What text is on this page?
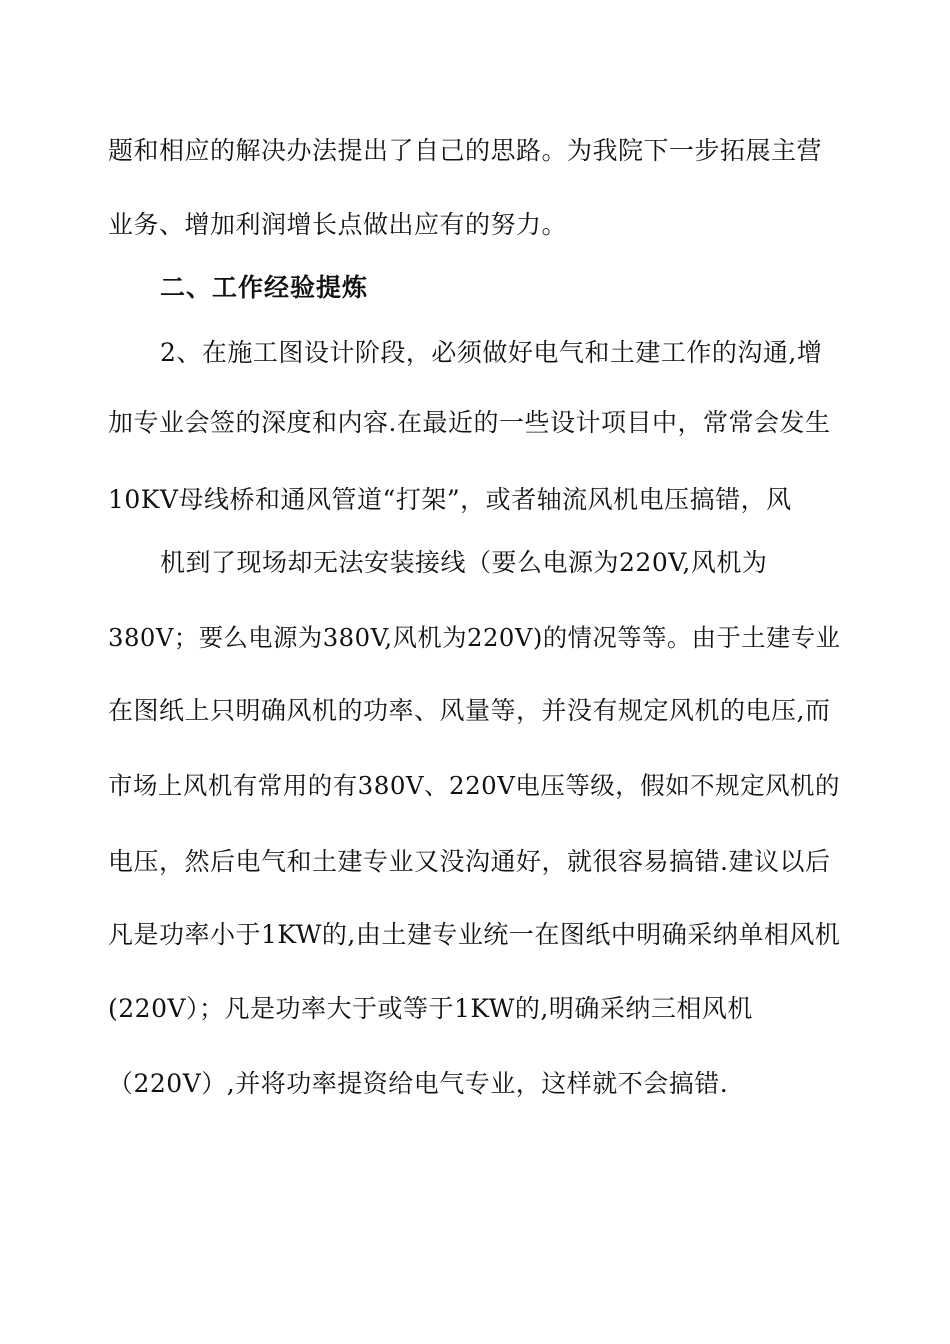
题和相应的解决办法提出了自己的思路。为我院下一步拓展主营
业务、增加利润增长点做出应有的努力。
二、工作经验提炼
2、在施工图设计阶段，必须做好电气和土建工作的沟通,增
加专业会签的深度和内容.在最近的一些设计项目中，常常会发生
10KV母线桥和通风管道“打架”，或者轴流风机电压搞错，风
机到了现场却无法安装接线（要么电源为220V,风机为
380V；要么电源为380V,风机为220V)的情况等等。由于土建专业
在图纸上只明确风机的功率、风量等，并没有规定风机的电压,而
市场上风机有常用的有380V、220V电压等级，假如不规定风机的
电压，然后电气和土建专业又没沟通好，就很容易搞错.建议以后
凡是功率小于1KW的,由土建专业统一在图纸中明确采纳单相风机
(220V）；凡是功率大于或等于1KW的,明确采纳三相风机
（220V）,并将功率提资给电气专业，这样就不会搞错.
